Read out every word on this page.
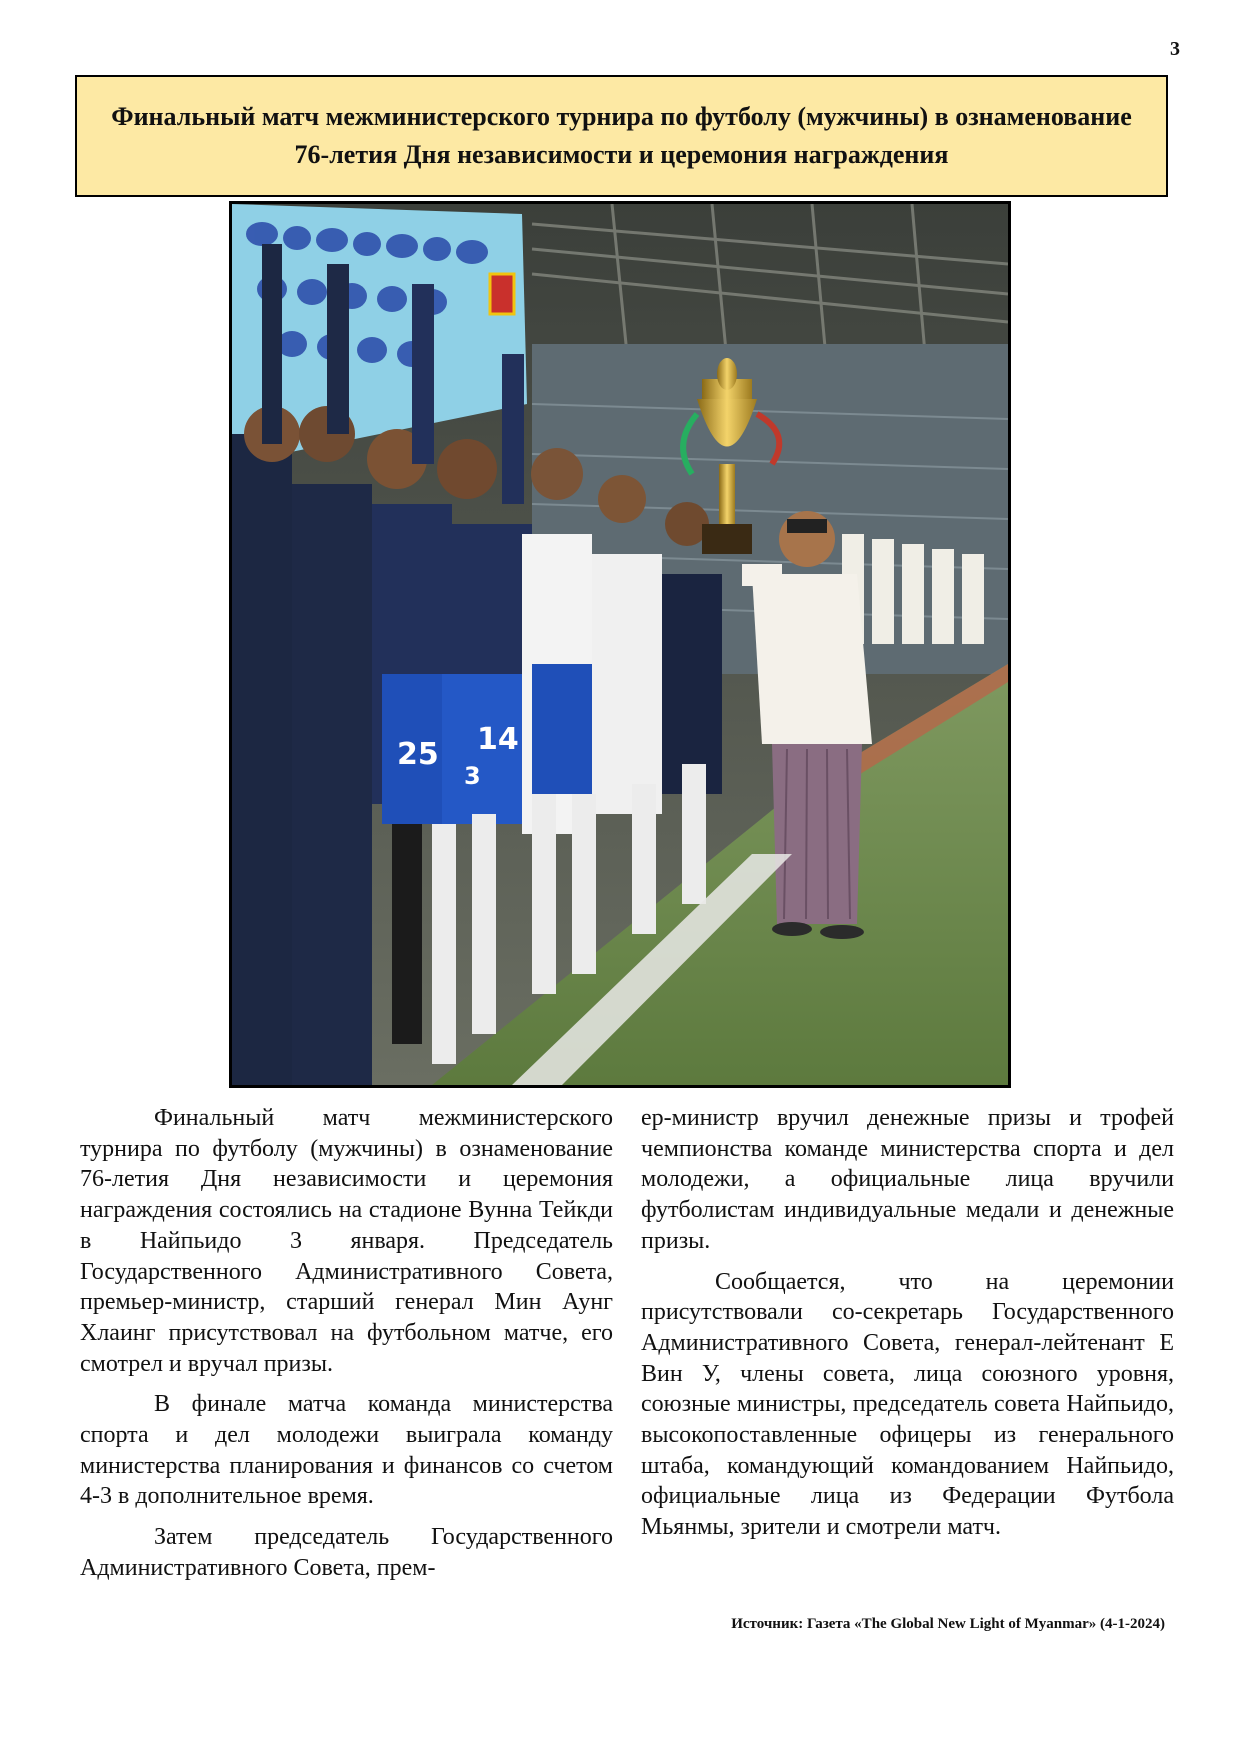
3
Финальный матч межминистерского турнира по футболу (мужчины) в ознаменование 76-летия Дня независимости и церемония награждения
25
3
14

Финальный матч межминистерского турнира по футболу (мужчины) в ознаменование 76-летия Дня независимости и церемония награждения состоялись на стадионе Вунна Тейкди в Найпьидо 3 января. Председатель Государственного Административного Совета, премьер-министр, старший генерал Мин Аунг Хлаинг присутствовал на футбольном матче, его смотрел и вручал призы.

В финале матча команда министерства спорта и дел молодежи выиграла команду министерства планирования и финансов со счетом 4-3 в дополнительное время.

Затем председатель Государственного Административного Совета, прем-

ер-министр вручил денежные призы и трофей чемпионства команде министерства спорта и дел молодежи, а официальные лица вручили футболистам индивидуальные медали и денежные призы.

Сообщается, что на церемонии присутствовали со-секретарь Государственного Административного Совета, генерал-лейтенант Е Вин У, члены совета, лица союзного уровня, союзные министры, председатель совета Найпьидо, высокопоставленные офицеры из генерального штаба, командующий командованием Найпьидо, официальные лица из Федерации Футбола Мьянмы, зрители и смотрели матч.

Источник: Газета «The Global New Light of Myanmar» (4-1-2024)
